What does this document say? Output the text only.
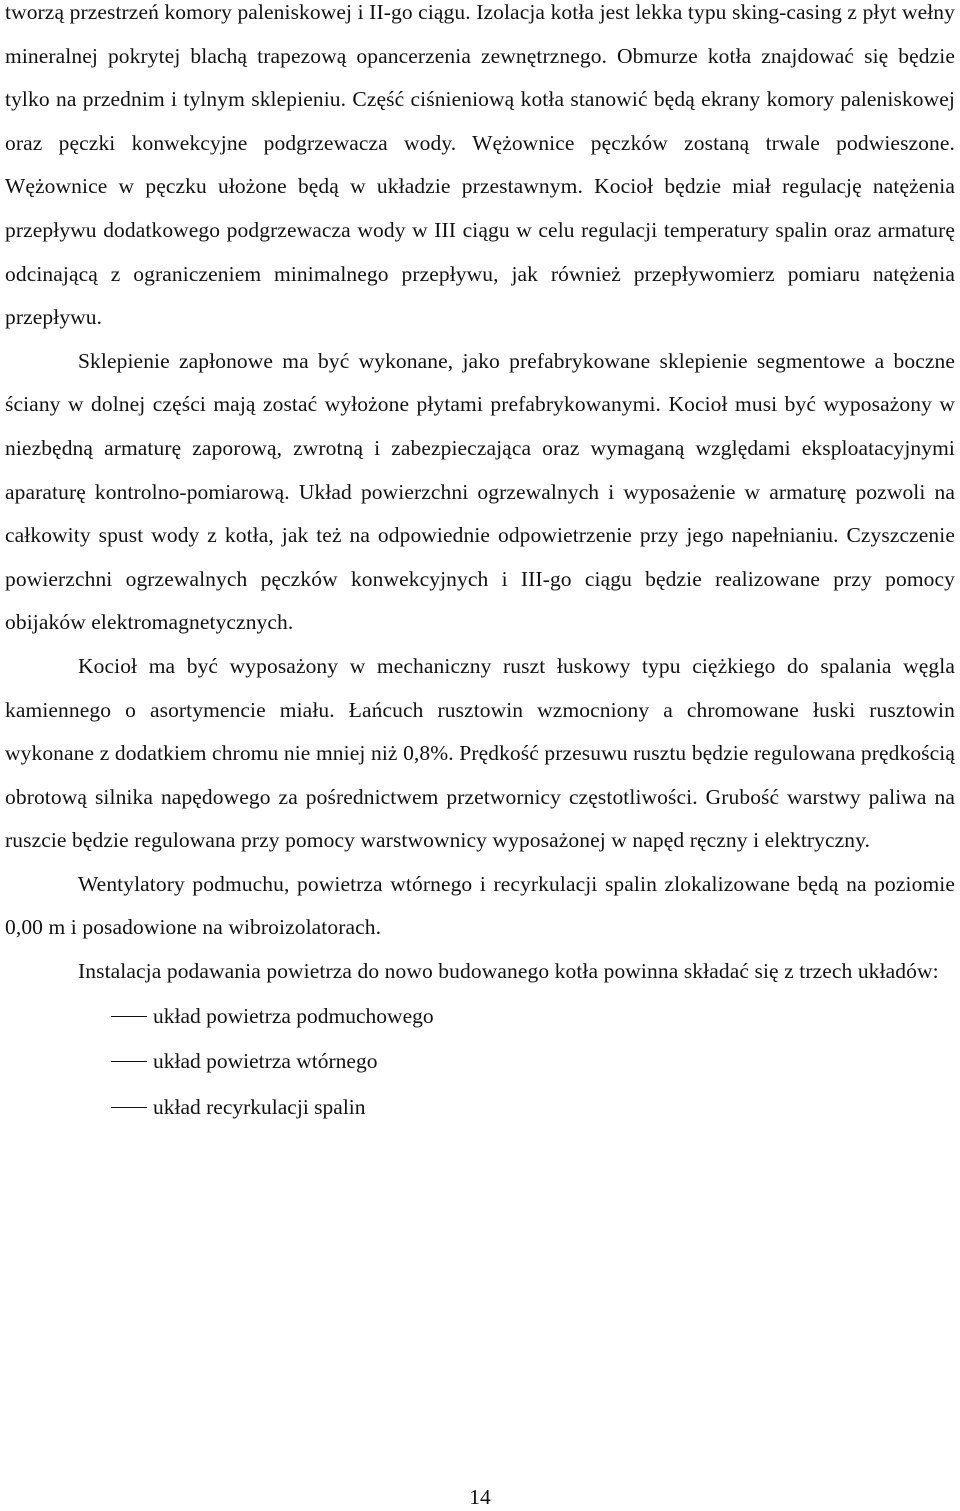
tworzą przestrzeń komory paleniskowej i II-go ciągu. Izolacja kotła jest lekka typu sking-casing z płyt wełny mineralnej pokrytej blachą trapezową opancerzenia zewnętrznego. Obmurze kotła znajdować się będzie tylko na przednim i tylnym sklepieniu. Część ciśnieniową kotła stanowić będą ekrany komory paleniskowej oraz pęczki konwekcyjne podgrzewacza wody. Wężownice pęczków zostaną trwale podwieszone. Wężownice w pęczku ułożone będą w układzie przestawnym. Kocioł będzie miał regulację natężenia przepływu dodatkowego podgrzewacza wody w III ciągu w celu regulacji temperatury spalin oraz armaturę odcinającą z ograniczeniem minimalnego przepływu, jak również przepływomierz pomiaru natężenia przepływu.

Sklepienie zapłonowe ma być wykonane, jako prefabrykowane sklepienie segmentowe a boczne ściany w dolnej części mają zostać wyłożone płytami prefabrykowanymi. Kocioł musi być wyposażony w niezbędną armaturę zaporową, zwrotną i zabezpieczająca oraz wymaganą względami eksploatacyjnymi aparaturę kontrolno-pomiarową. Układ powierzchni ogrzewalnych i wyposażenie w armaturę pozwoli na całkowity spust wody z kotła, jak też na odpowiednie odpowietrzenie przy jego napełnianiu. Czyszczenie powierzchni ogrzewalnych pęczków konwekcyjnych i III-go ciągu będzie realizowane przy pomocy obijaków elektromagnetycznych.

Kocioł ma być wyposażony w mechaniczny ruszt łuskowy typu ciężkiego do spalania węgla kamiennego o asortymencie miału. Łańcuch rusztowin wzmocniony a chromowane łuski rusztowin wykonane z dodatkiem chromu nie mniej niż 0,8%. Prędkość przesuwu rusztu będzie regulowana prędkością obrotową silnika napędowego za pośrednictwem przetwornicy częstotliwości. Grubość warstwy paliwa na ruszcie będzie regulowana przy pomocy warstwownicy wyposażonej w napęd ręczny i elektryczny.

Wentylatory podmuchu, powietrza wtórnego i recyrkulacji spalin zlokalizowane będą na poziomie 0,00 m i posadowione na wibroizolatorach.

Instalacja podawania powietrza do nowo budowanego kotła powinna składać się z trzech układów:

układ powietrza podmuchowego
układ powietrza wtórnego
układ recyrkulacji spalin
14
